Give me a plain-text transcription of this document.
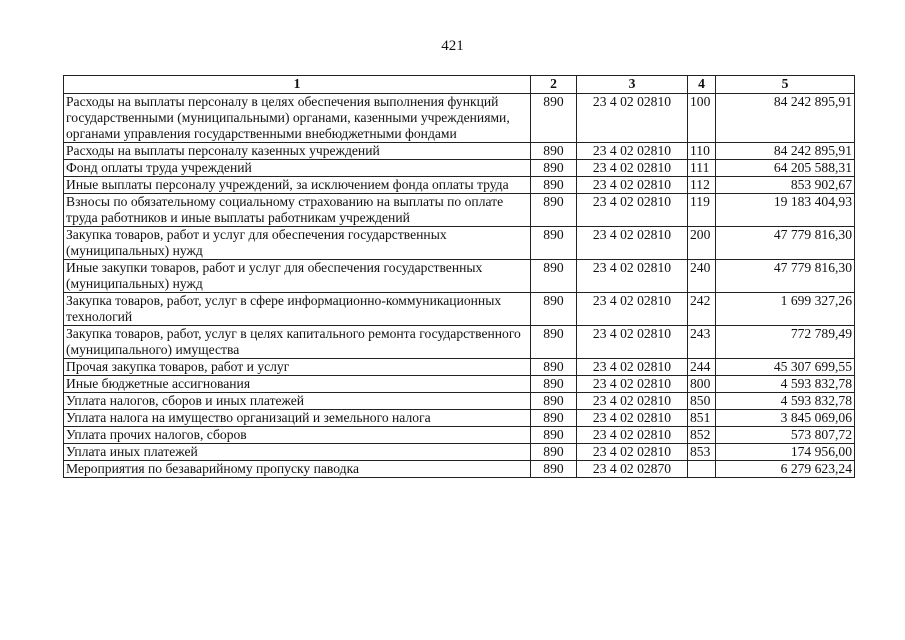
421
1	2	3	4	5
Расходы на выплаты персоналу в целях обеспечения выполнения функций государственными (муниципальными) органами, казенными учреждениями, органами управления государственными внебюджетными фондами	890	23 4 02 02810	100	84 242 895,91
Расходы на выплаты персоналу казенных учреждений	890	23 4 02 02810	110	84 242 895,91
Фонд оплаты труда учреждений	890	23 4 02 02810	111	64 205 588,31
Иные выплаты персоналу учреждений, за исключением фонда оплаты труда	890	23 4 02 02810	112	853 902,67
Взносы по обязательному социальному страхованию на выплаты по оплате труда работников и иные выплаты работникам учреждений	890	23 4 02 02810	119	19 183 404,93
Закупка товаров, работ и услуг для обеспечения государственных (муниципальных) нужд	890	23 4 02 02810	200	47 779 816,30
Иные закупки товаров, работ и услуг для обеспечения государственных (муниципальных) нужд	890	23 4 02 02810	240	47 779 816,30
Закупка товаров, работ, услуг в сфере информационно-коммуникационных технологий	890	23 4 02 02810	242	1 699 327,26
Закупка товаров, работ, услуг в целях капитального ремонта государственного (муниципального) имущества	890	23 4 02 02810	243	772 789,49
Прочая закупка товаров, работ и услуг	890	23 4 02 02810	244	45 307 699,55
Иные бюджетные ассигнования	890	23 4 02 02810	800	4 593 832,78
Уплата налогов, сборов и иных платежей	890	23 4 02 02810	850	4 593 832,78
Уплата налога на имущество организаций и земельного налога	890	23 4 02 02810	851	3 845 069,06
Уплата прочих налогов, сборов	890	23 4 02 02810	852	573 807,72
Уплата иных платежей	890	23 4 02 02810	853	174 956,00
Мероприятия по безаварийному пропуску паводка	890	23 4 02 02870		6 279 623,24
